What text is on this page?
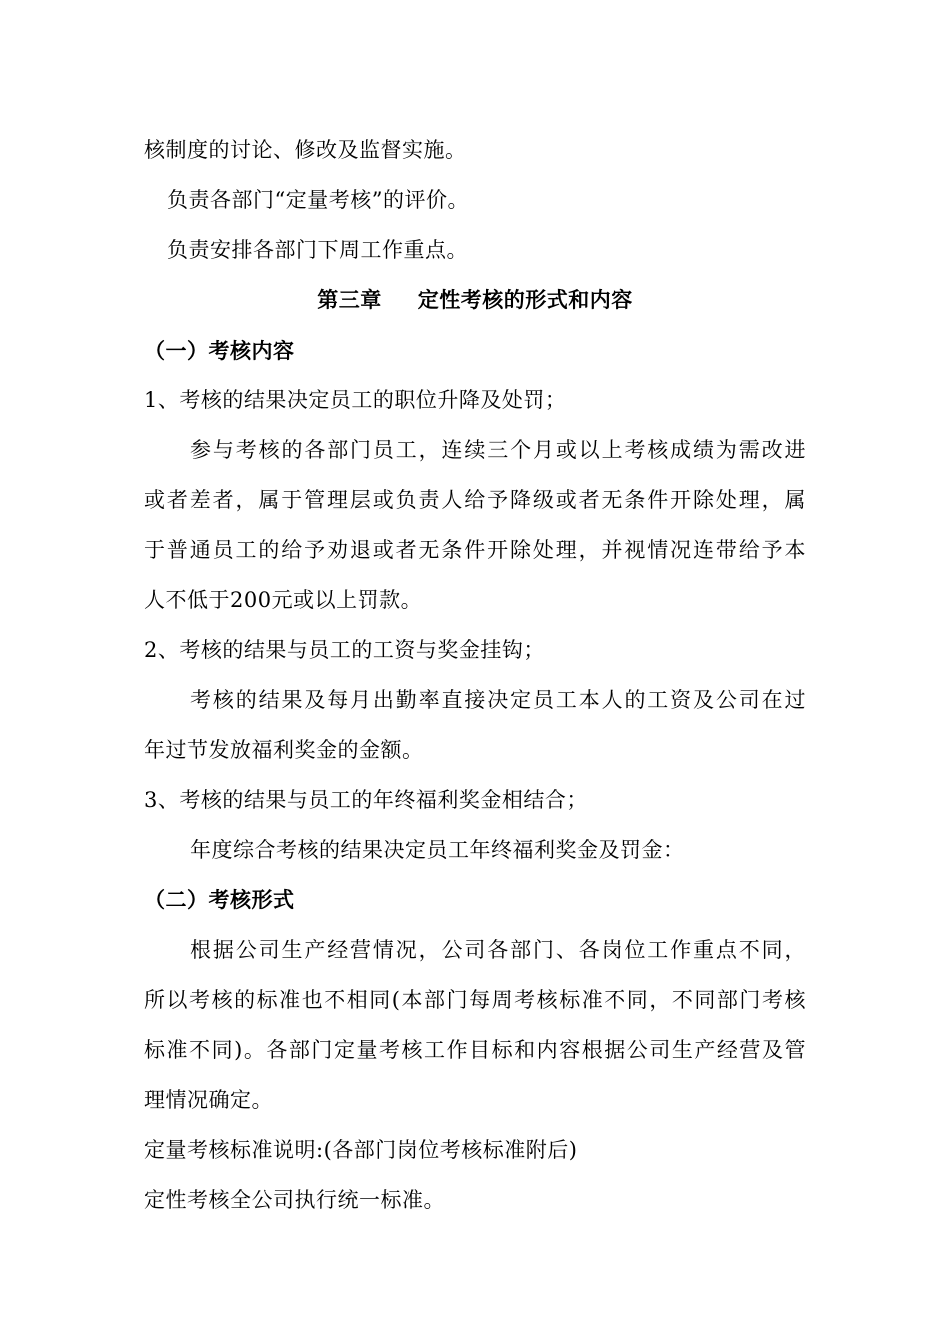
核制度的讨论、修改及监督实施。
负责各部门“定量考核”的评价。
负责安排各部门下周工作重点。
第三章 定性考核的形式和内容
（一）考核内容
1、考核的结果决定员工的职位升降及处罚；
参与考核的各部门员工，连续三个月或以上考核成绩为需改进
或者差者，属于管理层或负责人给予降级或者无条件开除处理，属
于普通员工的给予劝退或者无条件开除处理，并视情况连带给予本
人不低于200元或以上罚款。
2、考核的结果与员工的工资与奖金挂钩；
考核的结果及每月出勤率直接决定员工本人的工资及公司在过
年过节发放福利奖金的金额。
3、考核的结果与员工的年终福利奖金相结合；
年度综合考核的结果决定员工年终福利奖金及罚金：
（二）考核形式
根据公司生产经营情况，公司各部门、各岗位工作重点不同，
所以考核的标准也不相同(本部门每周考核标准不同，不同部门考核
标准不同)。各部门定量考核工作目标和内容根据公司生产经营及管
理情况确定。
定量考核标准说明:(各部门岗位考核标准附后)
定性考核全公司执行统一标准。
